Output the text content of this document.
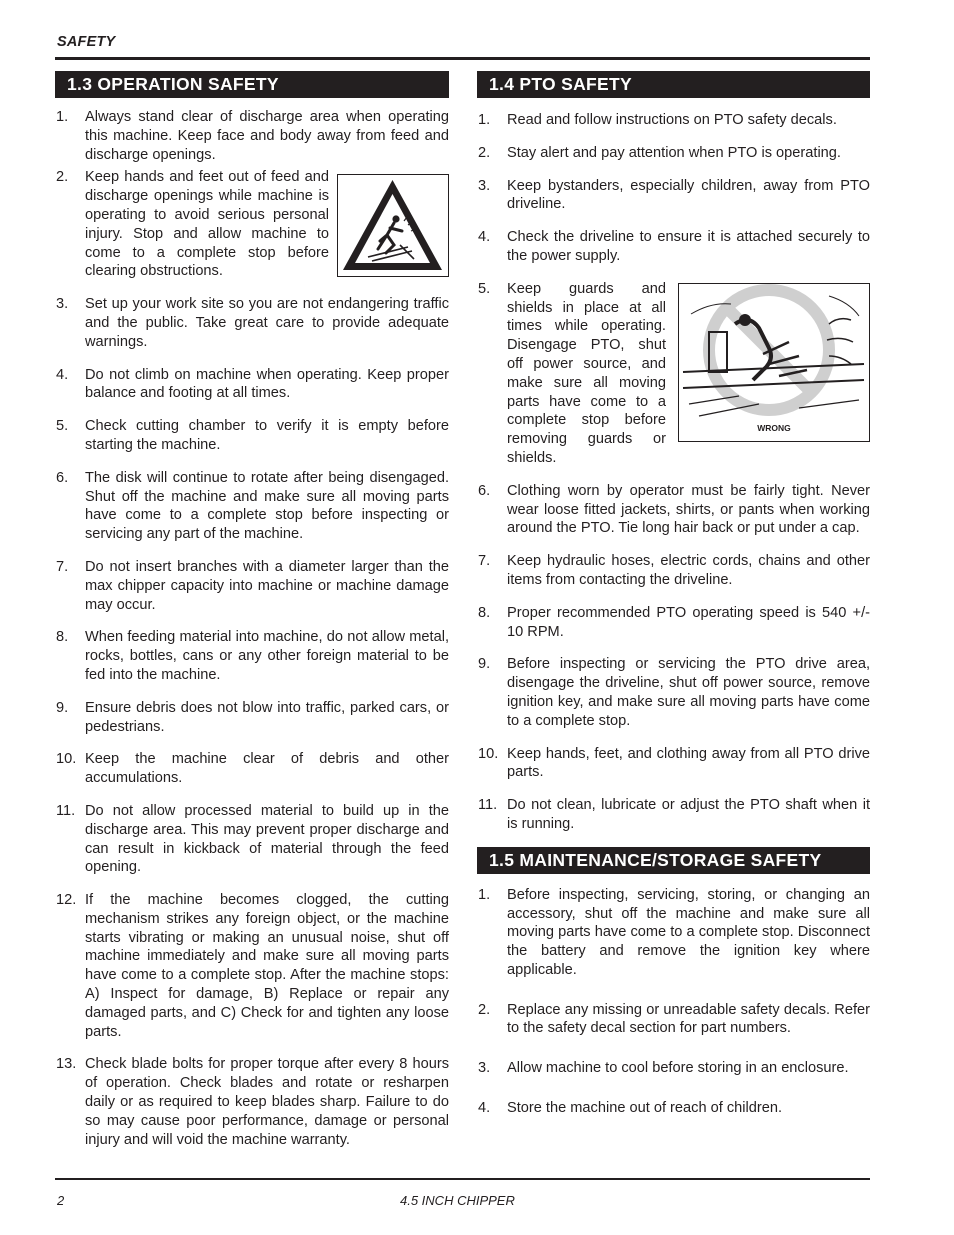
SAFETY
1.3 OPERATION SAFETY
1. Always stand clear of discharge area when operating this machine. Keep face and body away from feed and discharge openings.
2. Keep hands and feet out of feed and discharge openings while machine is operating to avoid serious personal injury. Stop and allow machine to come to a complete stop before clearing obstructions.
3. Set up your work site so you are not endangering traffic and the public. Take great care to provide adequate warnings.
4. Do not climb on machine when operating. Keep proper balance and footing at all times.
5. Check cutting chamber to verify it is empty before starting the machine.
6. The disk will continue to rotate after being disengaged. Shut off the machine and make sure all moving parts have come to a complete stop before inspecting or servicing any part of the machine.
7. Do not insert branches with a diameter larger than the max chipper capacity into machine or machine damage may occur.
8. When feeding material into machine, do not allow metal, rocks, bottles, cans or any other foreign material to be fed into the machine.
9. Ensure debris does not blow into traffic, parked cars, or pedestrians.
10. Keep the machine clear of debris and other accumulations.
11. Do not allow processed material to build up in the discharge area. This may prevent proper discharge and can result in kickback of material through the feed opening.
12. If the machine becomes clogged, the cutting mechanism strikes any foreign object, or the machine starts vibrating or making an unusual noise, shut off machine immediately and make sure all moving parts have come to a complete stop. After the machine stops: A) Inspect for damage, B) Replace or repair any damaged parts, and C) Check for and tighten any loose parts.
13. Check blade bolts for proper torque after every 8 hours of operation. Check blades and rotate or resharpen daily or as required to keep blades sharp. Failure to do so may cause poor performance, damage or personal injury and will void the machine warranty.
1.4 PTO SAFETY
1. Read and follow instructions on PTO safety decals.
2. Stay alert and pay attention when PTO is operating.
3. Keep bystanders, especially children, away from PTO driveline.
4. Check the driveline to ensure it is attached securely to the power supply.
WRONG
5. Keep guards and shields in place at all times while operating. Disengage PTO, shut off power source, and make sure all moving parts have come to a complete stop before removing guards or shields.
6. Clothing worn by operator must be fairly tight. Never wear loose fitted jackets, shirts, or pants when working around the PTO. Tie long hair back or put under a cap.
7. Keep hydraulic hoses, electric cords, chains and other items from contacting the driveline.
8. Proper recommended PTO operating speed is 540 +/- 10 RPM.
9. Before inspecting or servicing the PTO drive area, disengage the driveline, shut off power source, remove ignition key, and make sure all moving parts have come to a complete stop.
10. Keep hands, feet, and clothing away from all PTO drive parts.
11. Do not clean, lubricate or adjust the PTO shaft when it is running.
1.5 MAINTENANCE/STORAGE SAFETY
1. Before inspecting, servicing, storing, or changing an accessory, shut off the machine and make sure all moving parts have come to a complete stop. Disconnect the battery and remove the ignition key where applicable.
2. Replace any missing or unreadable safety decals. Refer to the safety decal section for part numbers.
3. Allow machine to cool before storing in an enclosure.
4. Store the machine out of reach of children.
2	4.5 INCH CHIPPER
